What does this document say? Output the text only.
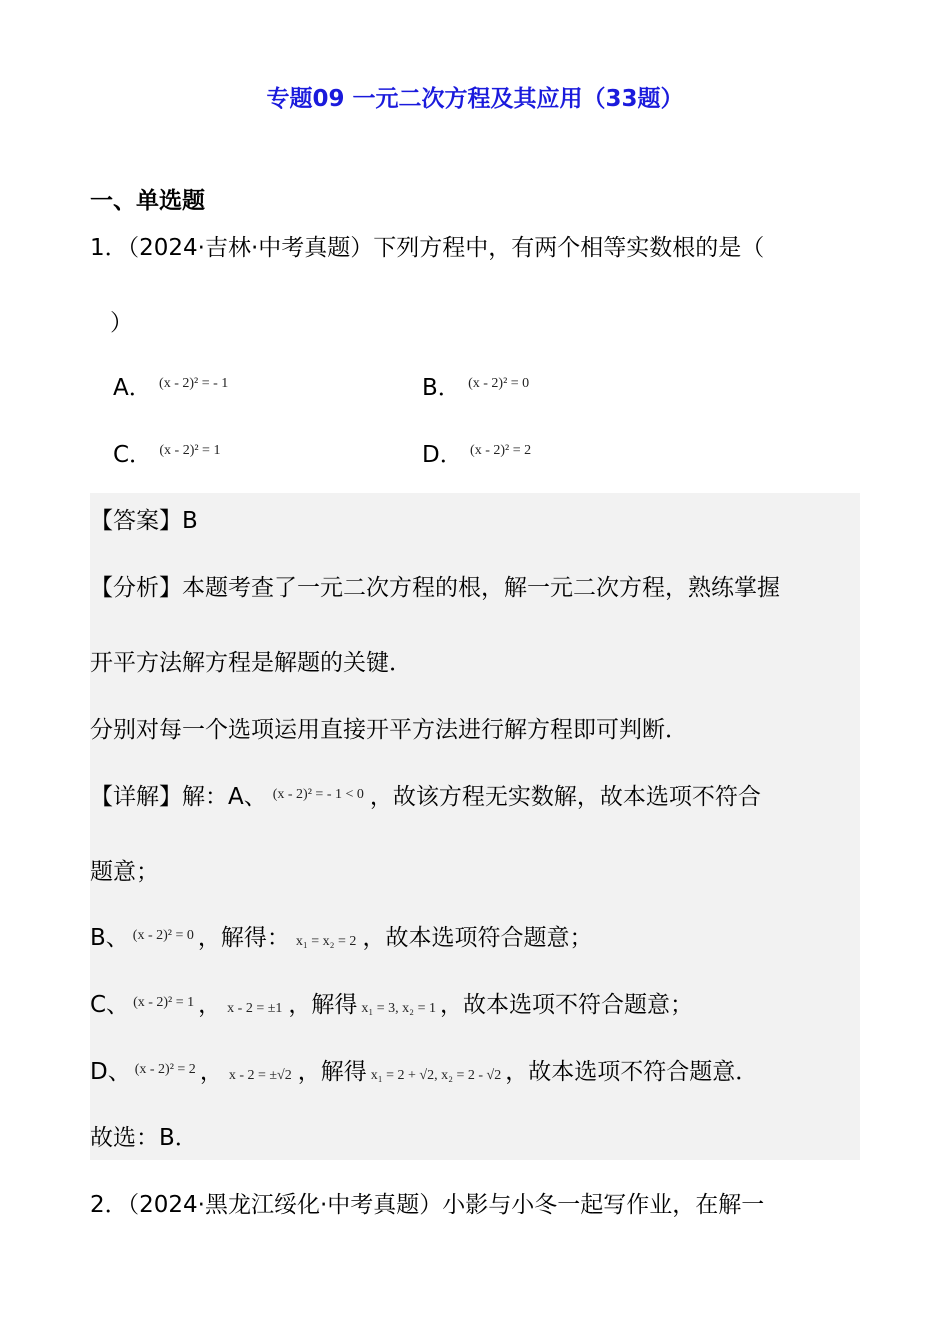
专题09 一元二次方程及其应用（33题）
一、单选题
1．（2024·吉林·中考真题）下列方程中，有两个相等实数根的是（
）
A． $^{(x - 2)^2 = - 1}$	B． $^{(x - 2)^2 = 0}$
C． $^{(x - 2)^2 = 1}$	D． $^{(x - 2)^2 = 2}$
【答案】B
【分析】本题考查了一元二次方程的根，解一元二次方程，熟练掌握
开平方法解方程是解题的关键．
分别对每一个选项运用直接开平方法进行解方程即可判断．
【详解】解：A、 $^{(x - 2)^2 = - 1 < 0}$ ，故该方程无实数解，故本选项不符合
题意；
B、 $^{(x - 2)^2 = 0}$ ，解得： x₁ = x₂ = 2 ，故本选项符合题意；
C、 $^{(x - 2)^2 = 1}$ ， x - 2 = ±1 ，解得 x₁ = 3, x₂ = 1 ，故本选项不符合题意；
D、 $^{(x - 2)^2 = 2}$ ， x - 2 = ±√2 ，解得 x₁ = 2 + √2, x₂ = 2 - √2 ，故本选项不符合题意．
故选：B．
2．（2024·黑龙江绥化·中考真题）小影与小冬一起写作业，在解一
